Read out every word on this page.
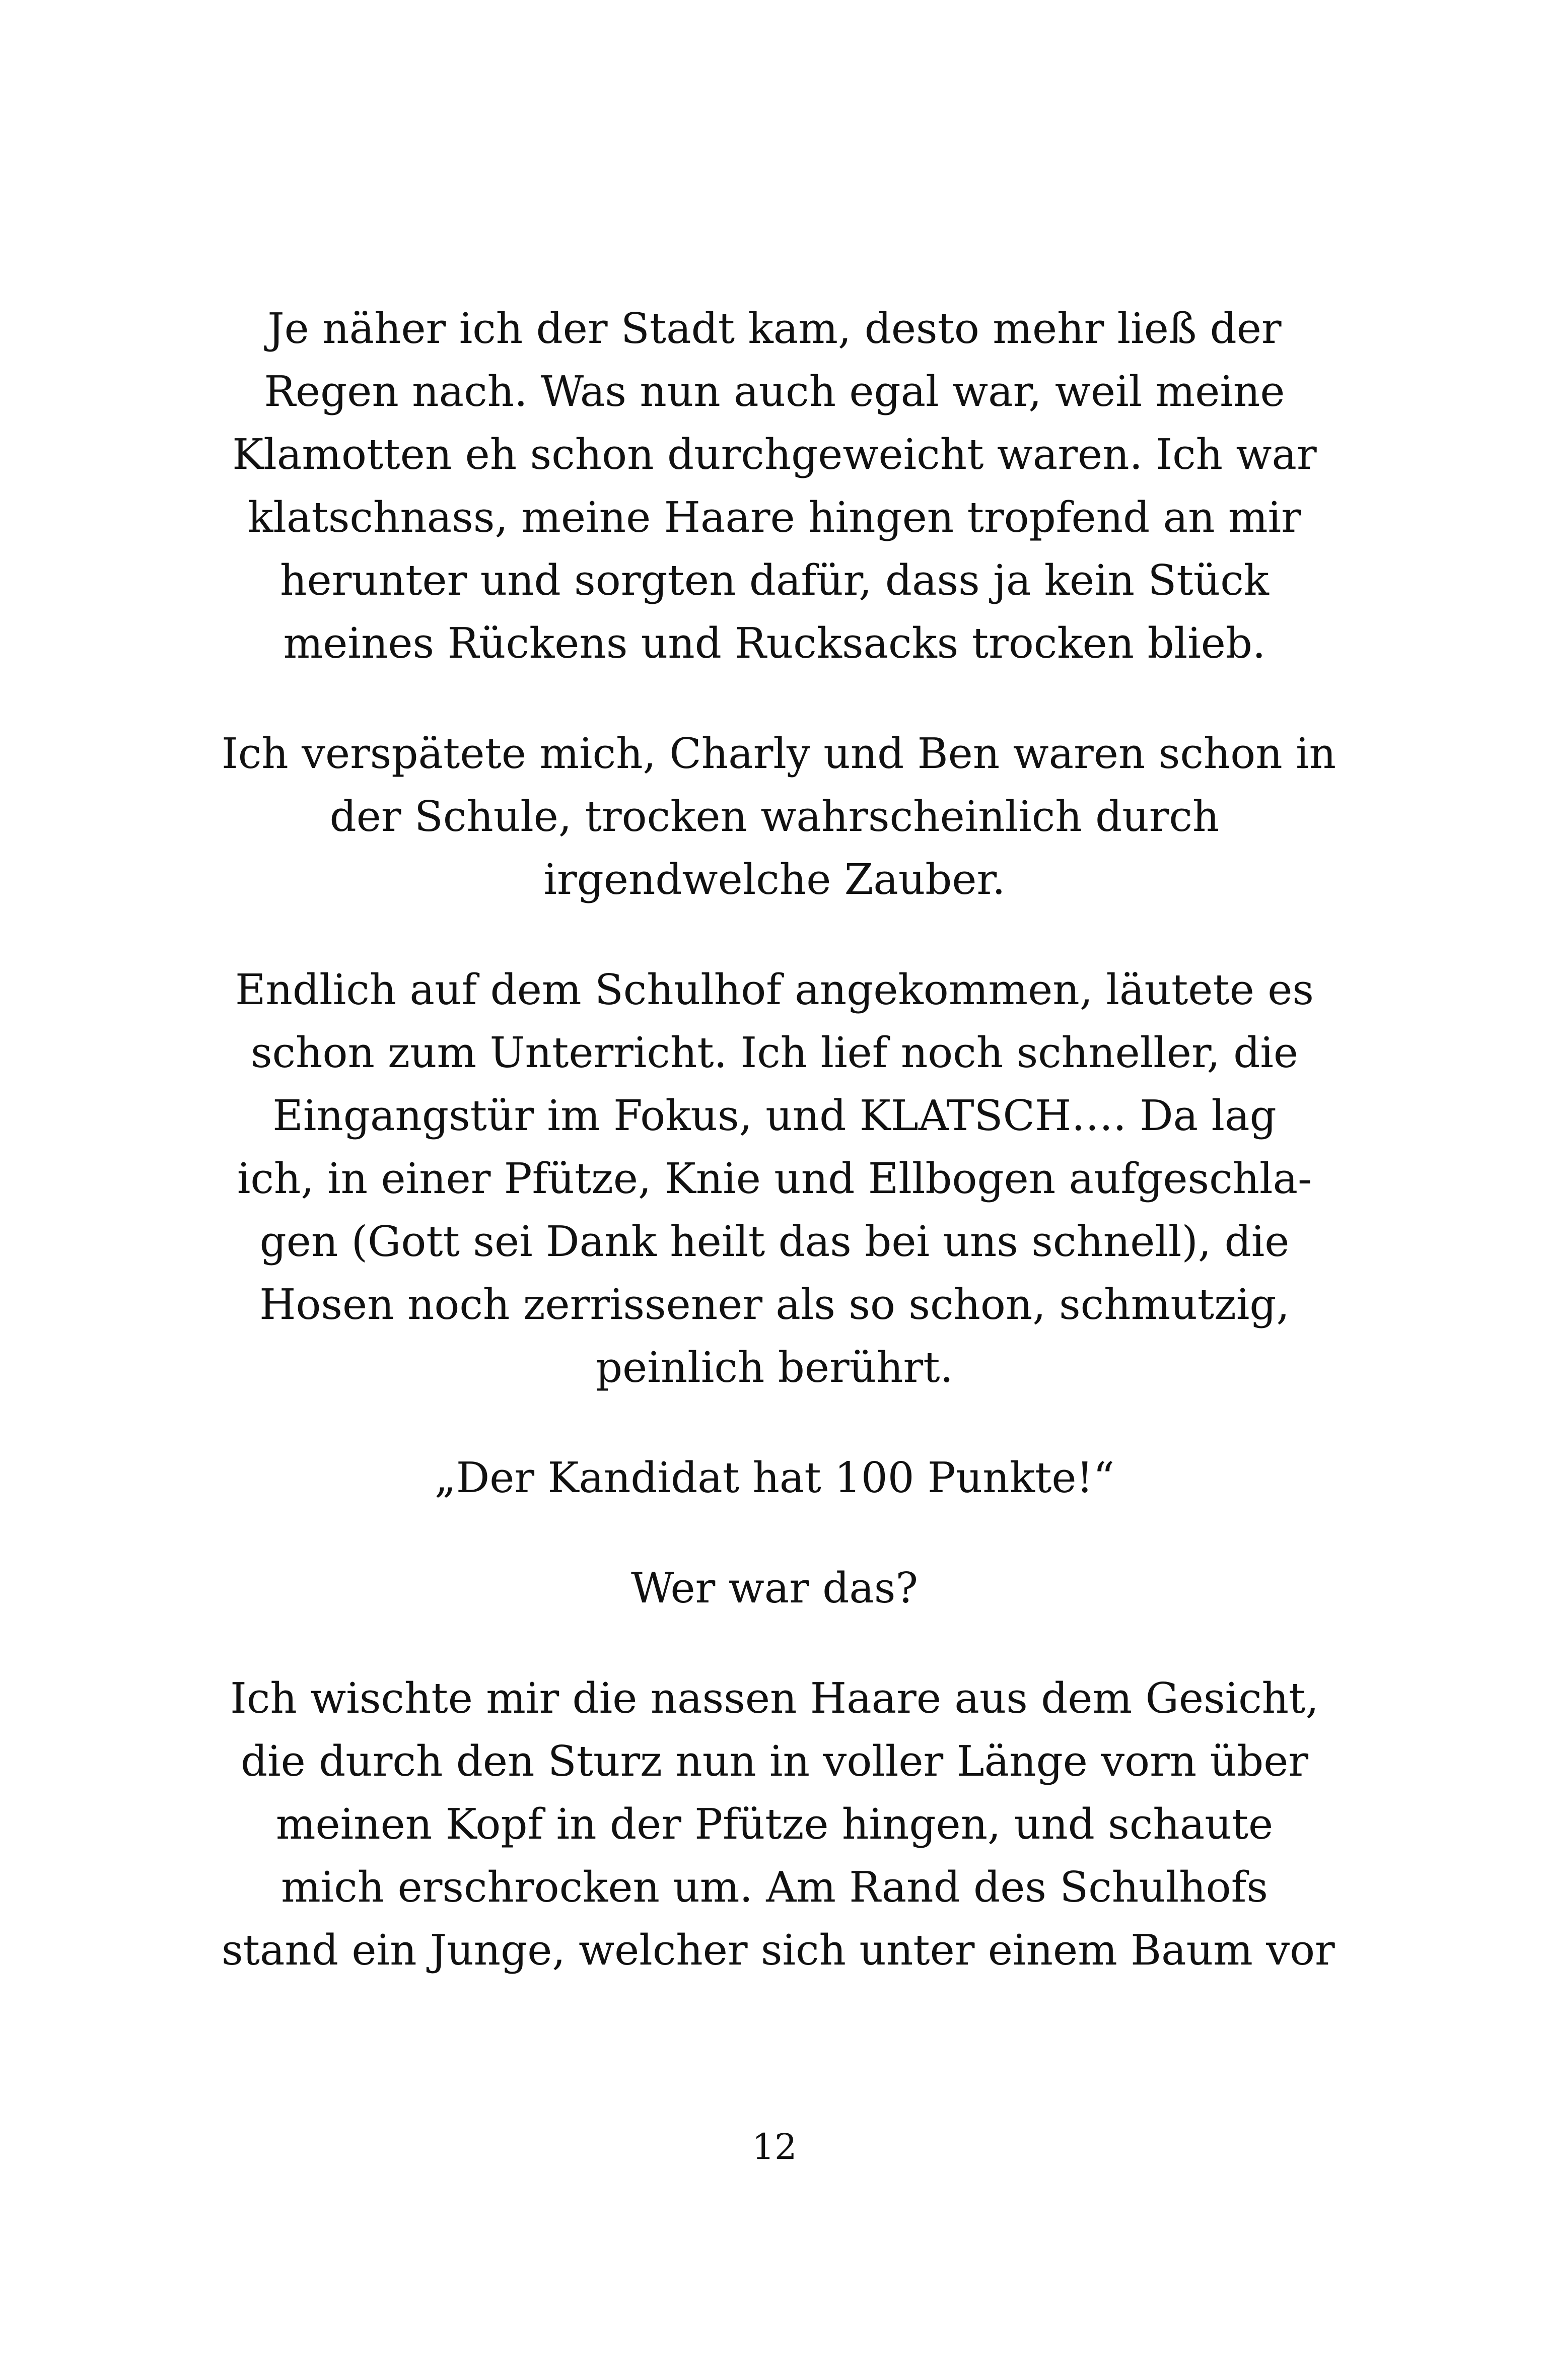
Je näher ich der Stadt kam, desto mehr ließ der
Regen nach. Was nun auch egal war, weil meine
Klamotten eh schon durchgeweicht waren. Ich war
klatschnass, meine Haare hingen tropfend an mir
herunter und sorgten dafür, dass ja kein Stück
meines Rückens und Rucksacks trocken blieb.

Ich verspätete mich, Charly und Ben waren schon in
der Schule, trocken wahrscheinlich durch
irgendwelche Zauber.

Endlich auf dem Schulhof angekommen, läutete es
schon zum Unterricht. Ich lief noch schneller, die
Eingangstür im Fokus, und KLATSCH…. Da lag
ich, in einer Pfütze, Knie und Ellbogen aufgeschla-
gen (Gott sei Dank heilt das bei uns schnell), die
Hosen noch zerrissener als so schon, schmutzig,
peinlich berührt.

„Der Kandidat hat 100 Punkte!“

Wer war das?

Ich wischte mir die nassen Haare aus dem Gesicht,
die durch den Sturz nun in voller Länge vorn über
meinen Kopf in der Pfütze hingen, und schaute
mich erschrocken um. Am Rand des Schulhofs
stand ein Junge, welcher sich unter einem Baum vor

12
